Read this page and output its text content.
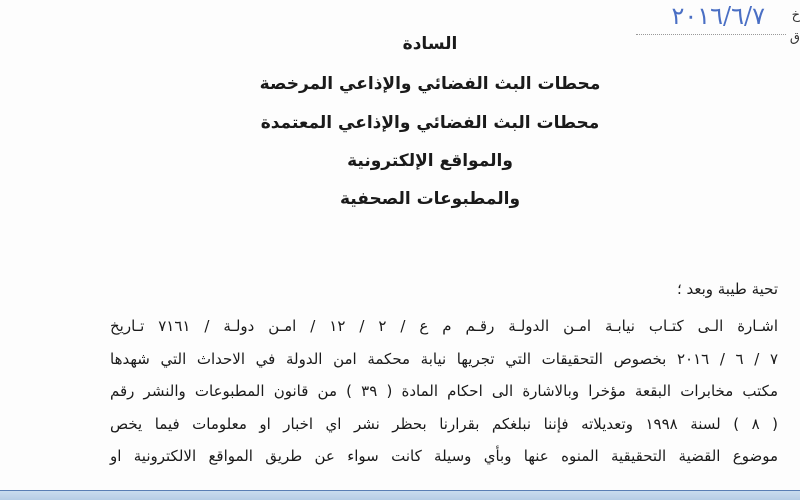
٢٠١٦/٦/٧ خ
ق
السادة
محطات البث الفضائي والإذاعي المرخصة
محطات البث الفضائي والإذاعي المعتمدة
والمواقع الإلكترونية
والمطبوعات الصحفية
تحية طيبة وبعد ؛
اشـارة الـى كتـاب نيابـة امـن الدولـة رقـم م ع / ٢ / ١٢ / امـن دولـة / ٧١٦١ تـاريخ
٧ / ٦ / ٢٠١٦ بخصوص التحقيقات التي تجريها نيابة محكمة امن الدولة في الاحداث التي شهدها
مكتب مخابرات البقعة مؤخرا وبالاشارة الى احكام المادة ( ٣٩ ) من قانون المطبوعات والنشر رقم
( ٨ ) لسنة ١٩٩٨ وتعديلاته فإننا نبلغكم بقرارنا بحظر نشر اي اخبار او معلومات فيما يخص
موضوع القضية التحقيقية المنوه عنها وبأي وسيلة كانت سواء عن طريق المواقع الالكترونية او
